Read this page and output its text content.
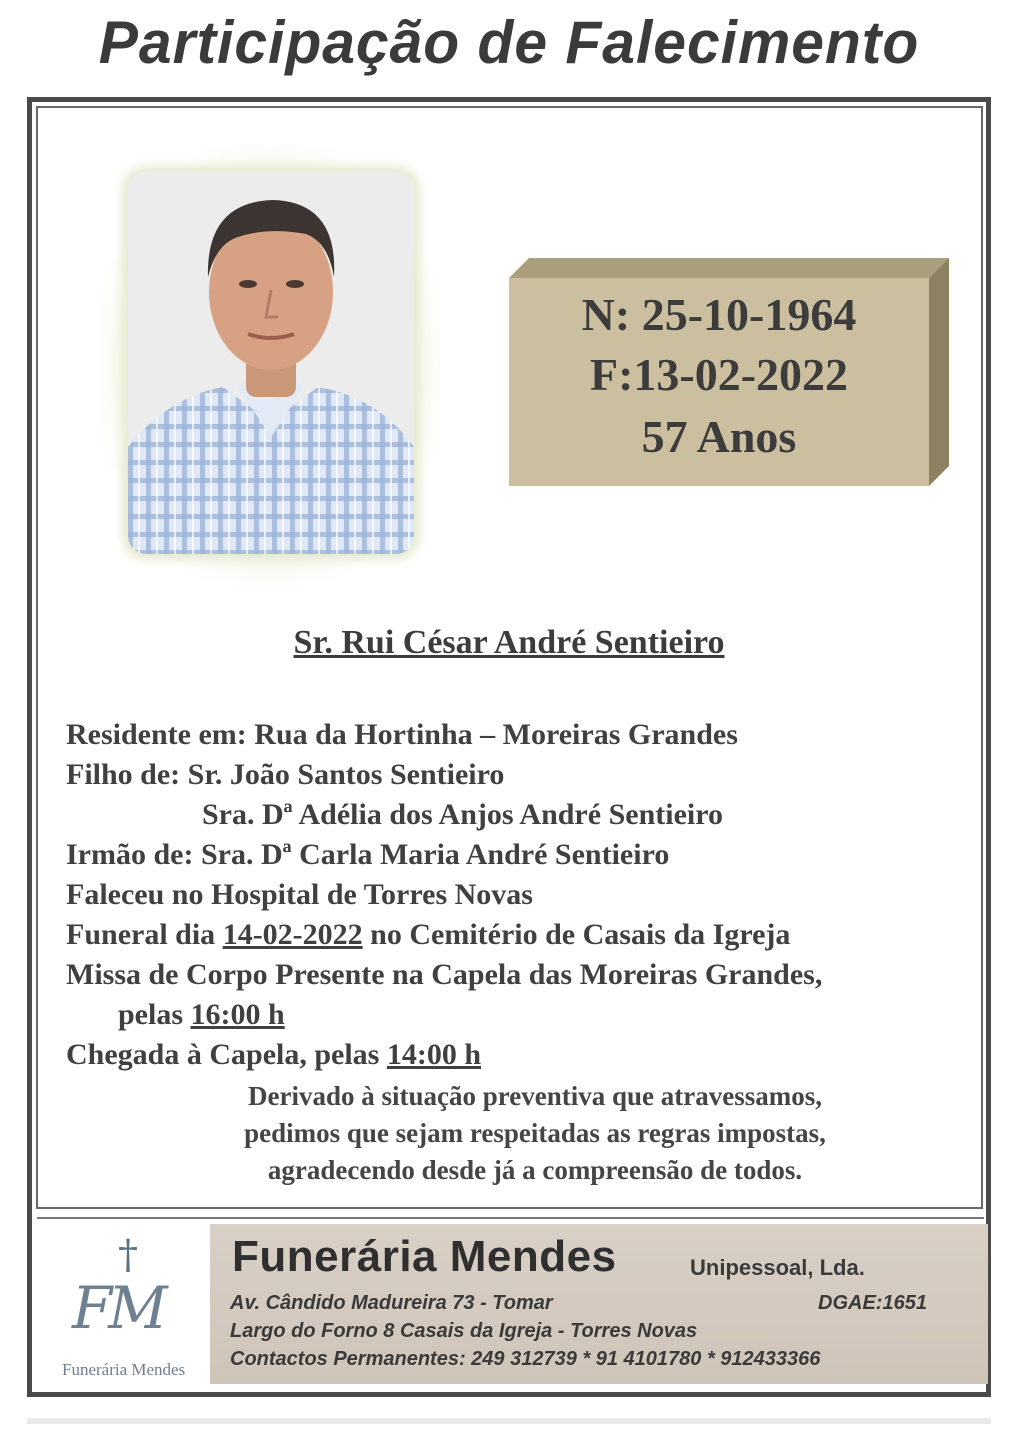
Participação de Falecimento
N: 25-10-1964
F:13-02-2022
57 Anos
Sr. Rui César André Sentieiro
Residente em: Rua da Hortinha – Moreiras Grandes
Filho de: Sr. João Santos Sentieiro
Sra. Dª Adélia dos Anjos André Sentieiro
Irmão de: Sra. Dª Carla Maria André Sentieiro
Faleceu no Hospital de Torres Novas
Funeral dia 14-02-2022 no Cemitério de Casais da Igreja
Missa de Corpo Presente na Capela das Moreiras Grandes,
pelas 16:00 h
Chegada à Capela, pelas 14:00 h
Derivado à situação preventiva que atravessamos,
pedimos que sejam respeitadas as regras impostas,
agradecendo desde já a compreensão de todos.
†
FM
Funerária Mendes
Funerária Mendes	Unipessoal, Lda.
Av. Cândido Madureira 73 - Tomar	DGAE:1651
Largo do Forno 8 Casais da Igreja - Torres Novas
Contactos Permanentes: 249 312739 * 91 4101780 * 912433366
